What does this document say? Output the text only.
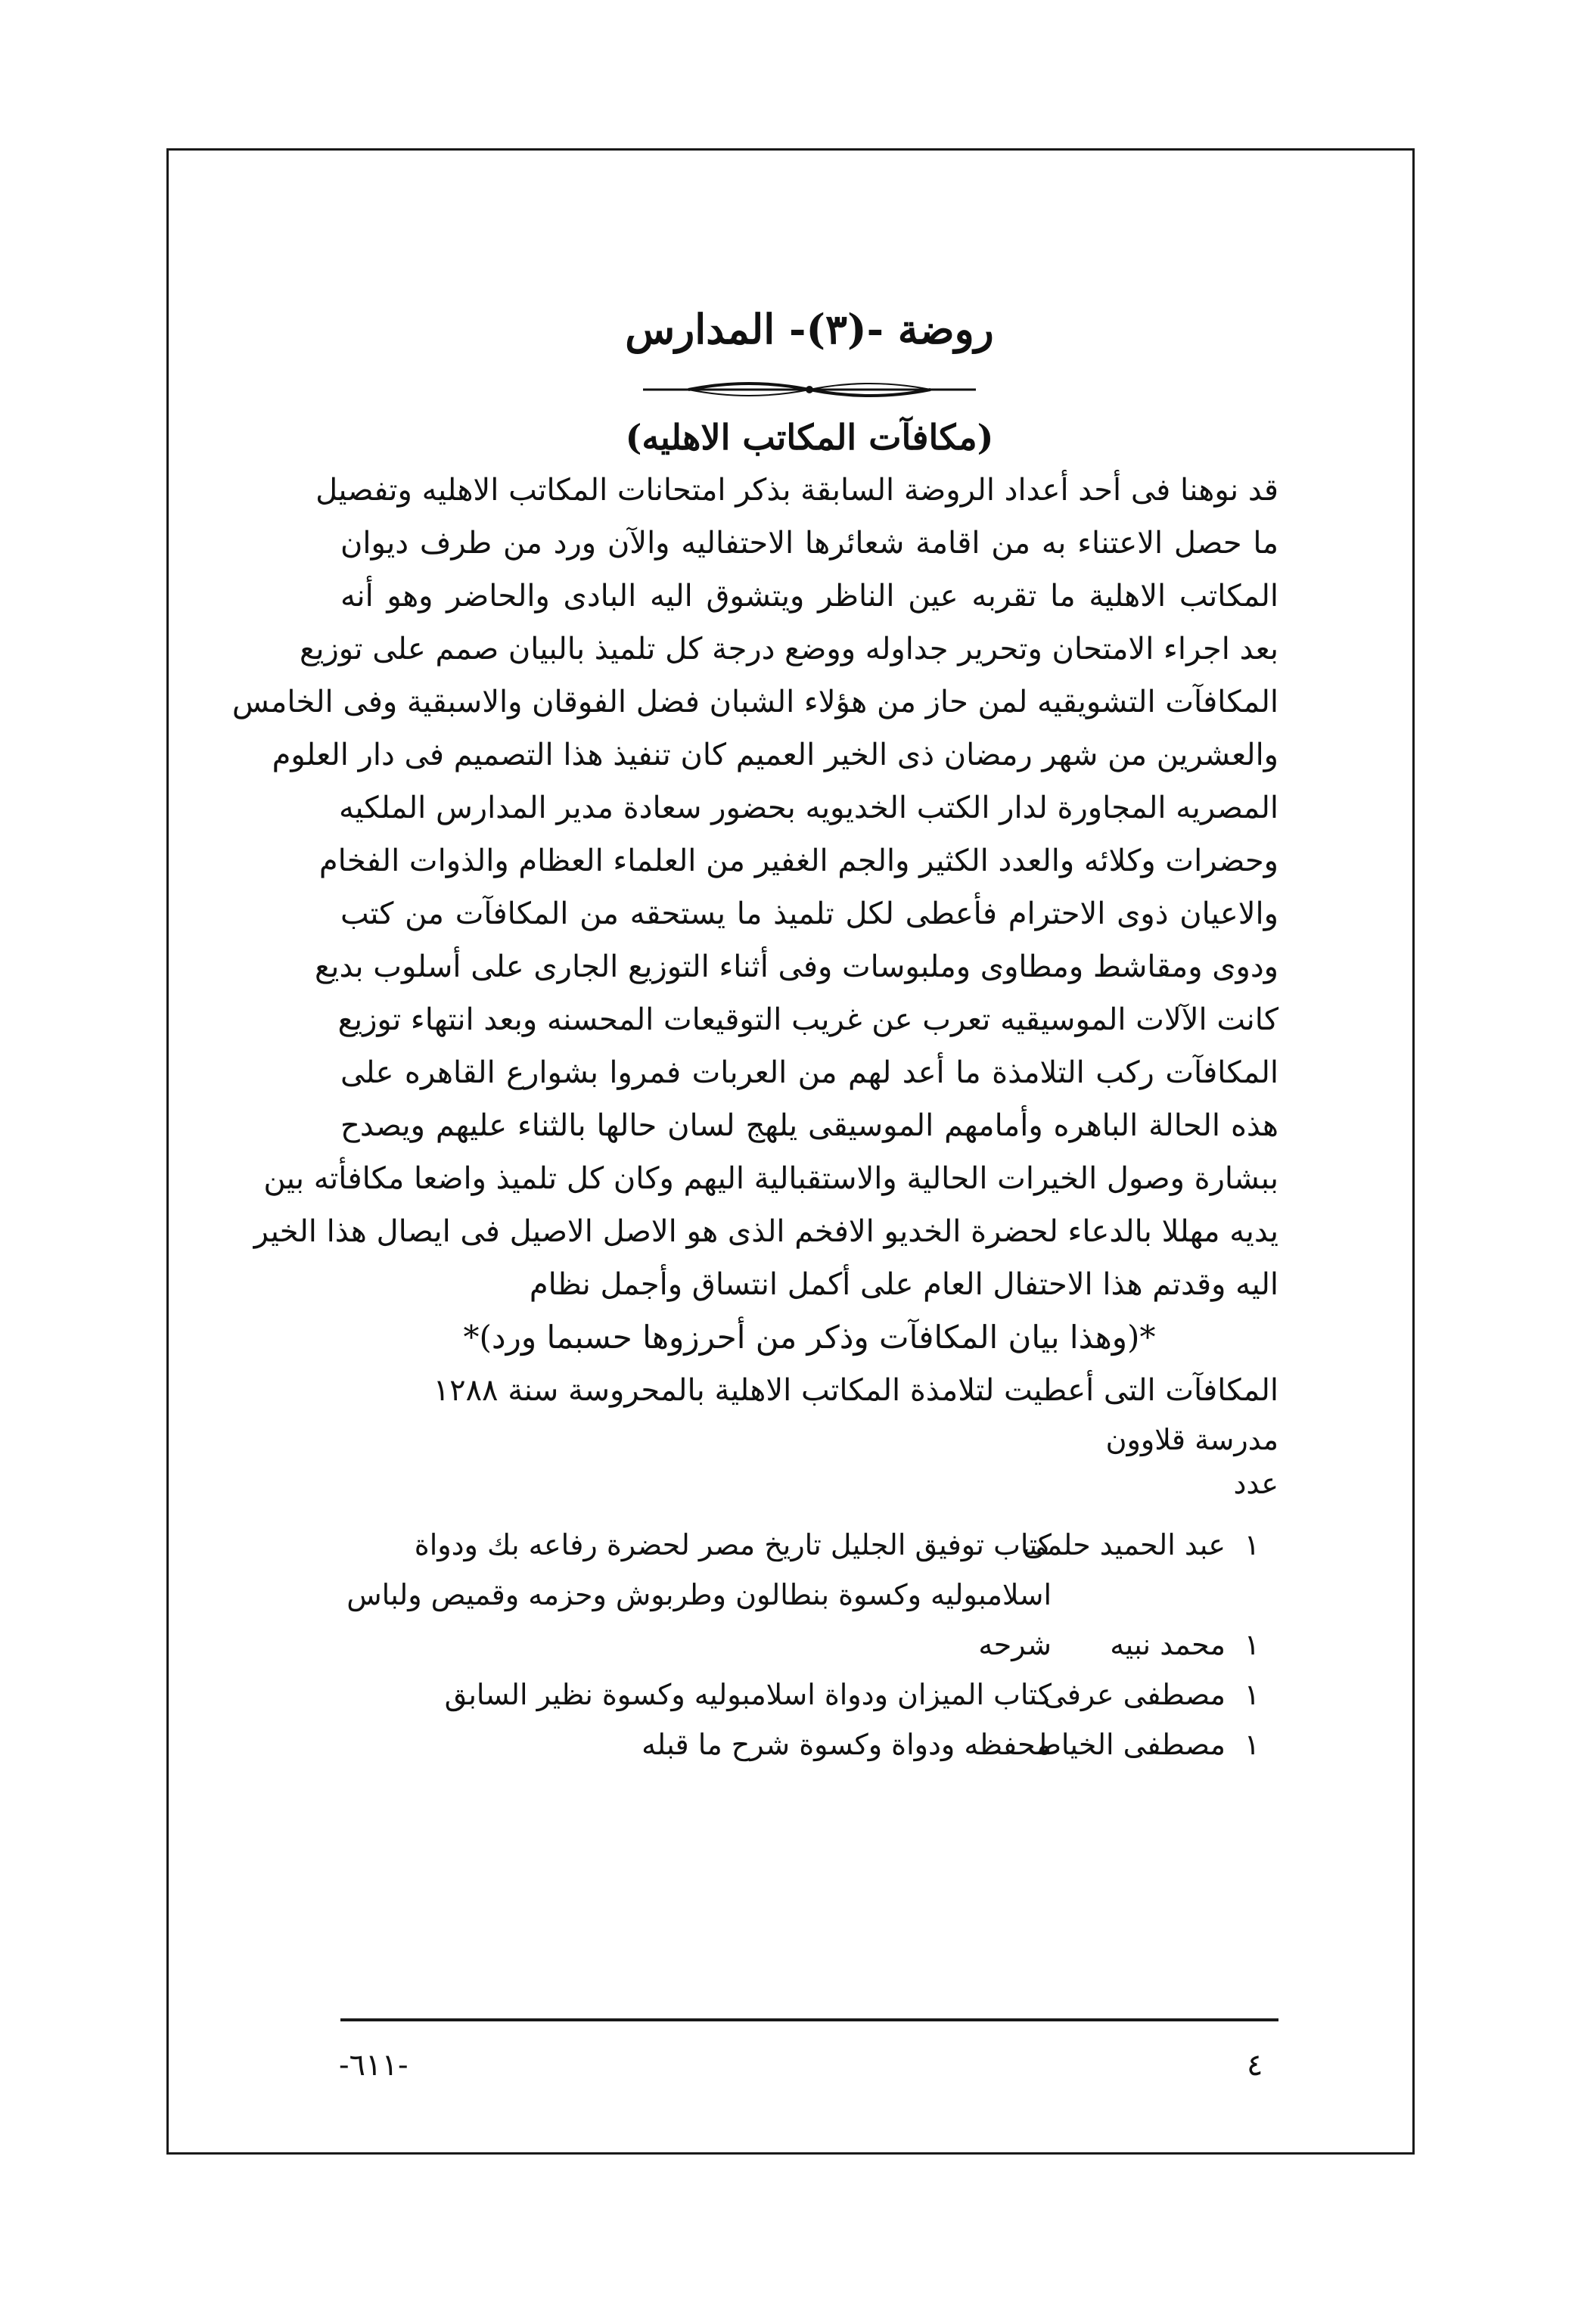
روضة -(٣)- المدارس
(مكافآت المكاتب الاهليه)
قد نوهنا فى أحد أعداد الروضة السابقة بذكر امتحانات المكاتب الاهليه وتفصيل
ما حصل الاعتناء به من اقامة شعائرها الاحتفاليه والآن ورد من طرف ديوان
المكاتب الاهلية ما تقربه عين الناظر ويتشوق اليه البادى والحاضر وهو أنه
بعد اجراء الامتحان وتحرير جداوله ووضع درجة كل تلميذ بالبيان صمم على توزيع
المكافآت التشويقيه لمن حاز من هؤلاء الشبان فضل الفوقان والاسبقية وفى الخامس
والعشرين من شهر رمضان ذى الخير العميم كان تنفيذ هذا التصميم فى دار العلوم
المصريه المجاورة لدار الكتب الخديويه بحضور سعادة مدير المدارس الملكيه
وحضرات وكلائه والعدد الكثير والجم الغفير من العلماء العظام والذوات الفخام
والاعيان ذوى الاحترام فأعطى لكل تلميذ ما يستحقه من المكافآت من كتب
ودوى ومقاشط ومطاوى وملبوسات وفى أثناء التوزيع الجارى على أسلوب بديع
كانت الآلات الموسيقيه تعرب عن غريب التوقيعات المحسنه وبعد انتهاء توزيع
المكافآت ركب التلامذة ما أعد لهم من العربات فمروا بشوارع القاهره على
هذه الحالة الباهره وأمامهم الموسيقى يلهج لسان حالها بالثناء عليهم ويصدح
ببشارة وصول الخيرات الحالية والاستقبالية اليهم وكان كل تلميذ واضعا مكافأته بين
يديه مهللا بالدعاء لحضرة الخديو الافخم الذى هو الاصل الاصيل فى ايصال هذا الخير
اليه وقدتم هذا الاحتفال العام على أكمل انتساق وأجمل نظام
*(وهذا بيان المكافآت وذكر من أحرزوها حسبما ورد)*
المكافآت التى أعطيت لتلامذة المكاتب الاهلية بالمحروسة سنة ١٢٨٨
مدرسة قلاوون
عدد
١
عبد الحميد حلمى
كتاب توفيق الجليل تاريخ مصر لحضرة رفاعه بك ودواة
اسلامبوليه وكسوة بنطالون وطربوش وحزمه وقميص ولباس
١
محمد نبيه
شرحه
١
مصطفى عرفى
كتاب الميزان ودواة اسلامبوليه وكسوة نظير السابق
١
مصطفى الخياط
محفظه ودواة وكسوة شرح ما قبله
-٦١١-	٤
